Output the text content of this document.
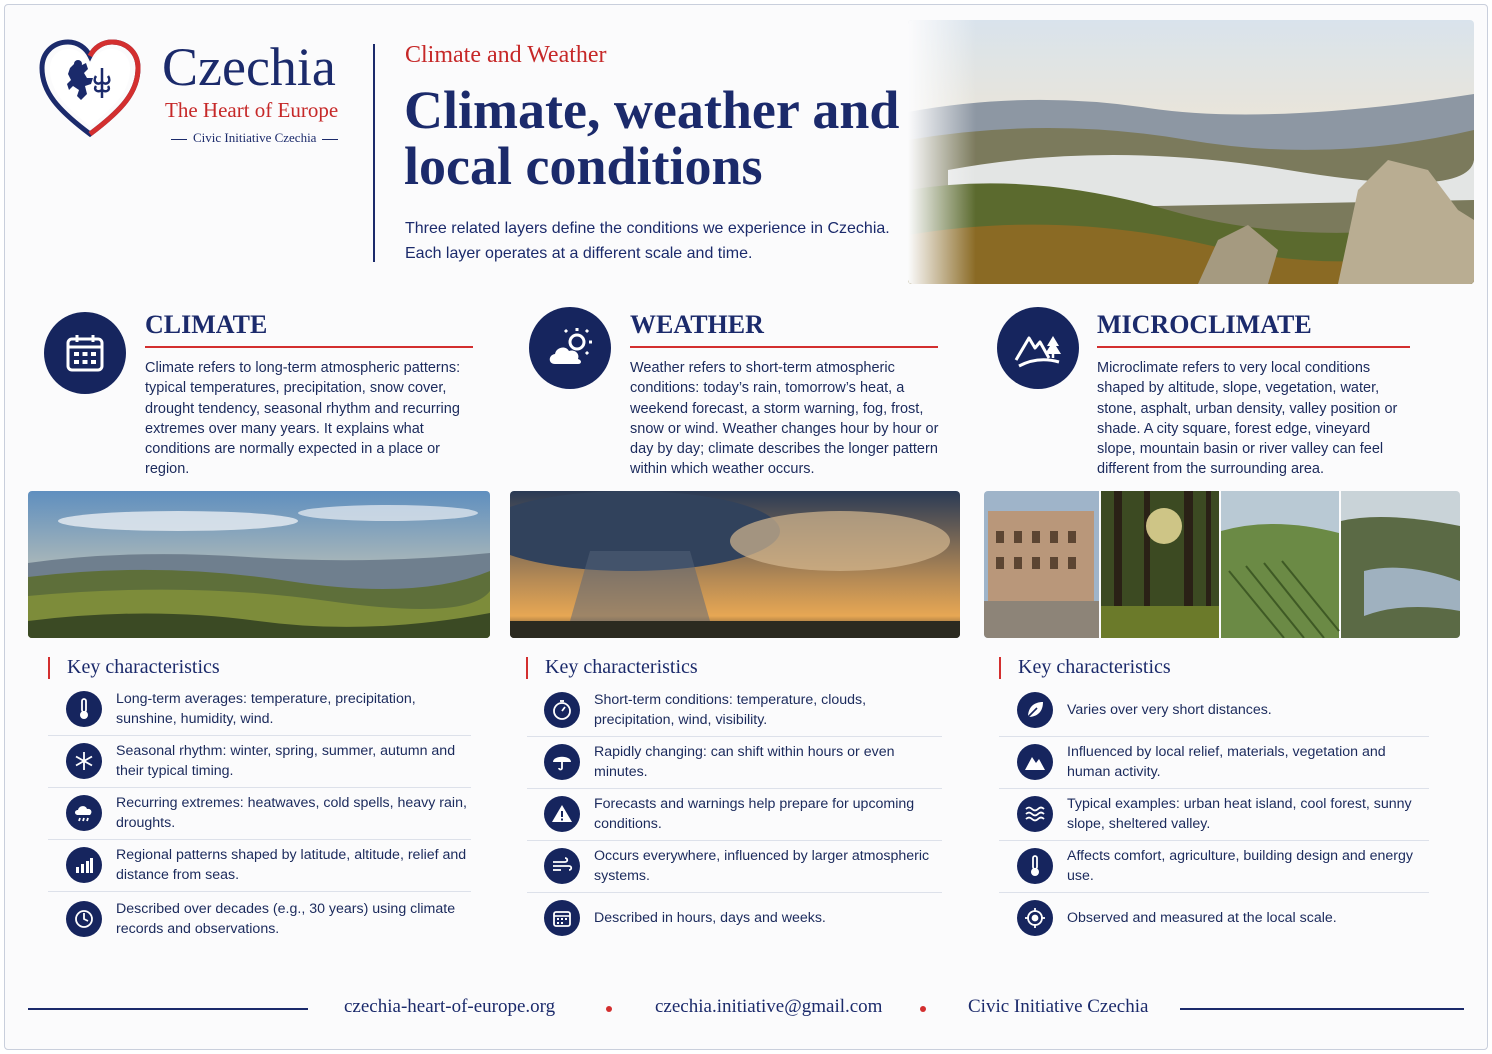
Czechia
The Heart of Europe
Civic Initiative Czechia
Climate and Weather
Climate, weather and local conditions
Three related layers define the conditions we experience in Czechia. Each layer operates at a different scale and time.
CLIMATE
Climate refers to long-term atmospheric patterns: typical temperatures, precipitation, snow cover, drought tendency, seasonal rhythm and recurring extremes over many years. It explains what conditions are normally expected in a place or region.
WEATHER
Weather refers to short-term atmospheric conditions: today’s rain, tomorrow’s heat, a weekend forecast, a storm warning, fog, frost, snow or wind. Weather changes hour by hour or day by day; climate describes the longer pattern within which weather occurs.
MICROCLIMATE
Microclimate refers to very local conditions shaped by altitude, slope, vegetation, water, stone, asphalt, urban density, valley position or shade. A city square, forest edge, vineyard slope, mountain basin or river valley can feel different from the surrounding area.
Key characteristics	Key characteristics	Key characteristics
Long-term averages: temperature, precipitation, sunshine, humidity, wind.
Seasonal rhythm: winter, spring, summer, autumn and their typical timing.
Recurring extremes: heatwaves, cold spells, heavy rain, droughts.
Regional patterns shaped by latitude, altitude, relief and distance from seas.
Described over decades (e.g., 30 years) using climate records and observations.
Short-term conditions: temperature, clouds, precipitation, wind, visibility.
Rapidly changing: can shift within hours or even minutes.
Forecasts and warnings help prepare for upcoming conditions.
Occurs everywhere, influenced by larger atmospheric systems.
Described in hours, days and weeks.
Varies over very short distances.
Influenced by local relief, materials, vegetation and human activity.
Typical examples: urban heat island, cool forest, sunny slope, sheltered valley.
Affects comfort, agriculture, building design and energy use.
Observed and measured at the local scale.
czechia-heart-of-europe.org	czechia.initiative@gmail.com	Civic Initiative Czechia
